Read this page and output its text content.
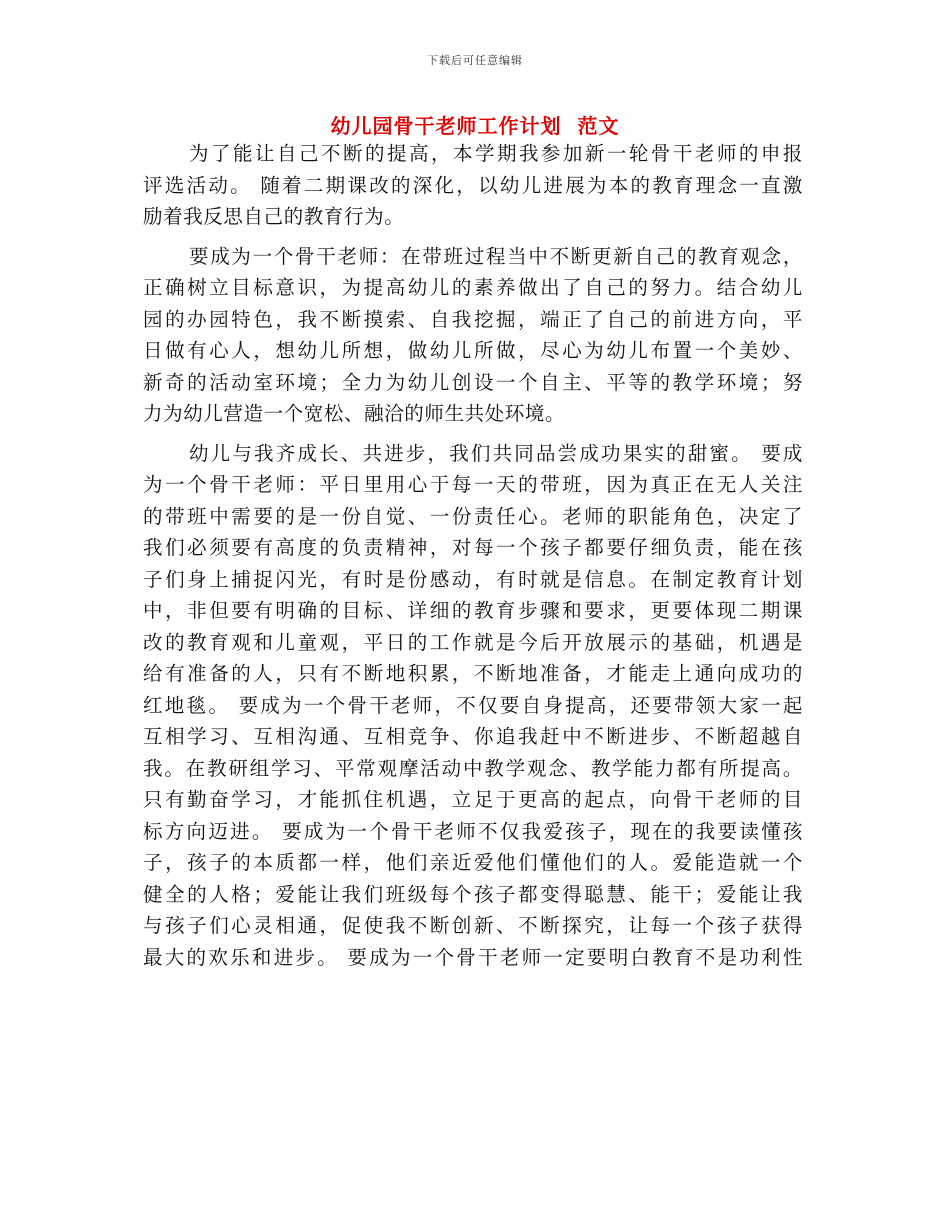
下载后可任意编辑
幼儿园骨干老师工作计划  范文
为了能让自己不断的提高，本学期我参加新一轮骨干老师的申报
评选活动。 随着二期课改的深化，以幼儿进展为本的教育理念一直激
励着我反思自己的教育行为。
要成为一个骨干老师：在带班过程当中不断更新自己的教育观念，
正确树立目标意识，为提高幼儿的素养做出了自己的努力。结合幼儿
园的办园特色，我不断摸索、自我挖掘，端正了自己的前进方向，平
日做有心人，想幼儿所想，做幼儿所做，尽心为幼儿布置一个美妙、
新奇的活动室环境；全力为幼儿创设一个自主、平等的教学环境；努
力为幼儿营造一个宽松、融洽的师生共处环境。
幼儿与我齐成长、共进步，我们共同品尝成功果实的甜蜜。 要成
为一个骨干老师：平日里用心于每一天的带班，因为真正在无人关注
的带班中需要的是一份自觉、一份责任心。老师的职能角色，决定了
我们必须要有高度的负责精神，对每一个孩子都要仔细负责，能在孩
子们身上捕捉闪光，有时是份感动，有时就是信息。在制定教育计划
中，非但要有明确的目标、详细的教育步骤和要求，更要体现二期课
改的教育观和儿童观，平日的工作就是今后开放展示的基础，机遇是
给有准备的人，只有不断地积累，不断地准备，才能走上通向成功的
红地毯。 要成为一个骨干老师，不仅要自身提高，还要带领大家一起
互相学习、互相沟通、互相竞争、你追我赶中不断进步、不断超越自
我。在教研组学习、平常观摩活动中教学观念、教学能力都有所提高。
只有勤奋学习，才能抓住机遇，立足于更高的起点，向骨干老师的目
标方向迈进。 要成为一个骨干老师不仅我爱孩子，现在的我要读懂孩
子，孩子的本质都一样，他们亲近爱他们懂他们的人。爱能造就一个
健全的人格；爱能让我们班级每个孩子都变得聪慧、能干；爱能让我
与孩子们心灵相通，促使我不断创新、不断探究，让每一个孩子获得
最大的欢乐和进步。 要成为一个骨干老师一定要明白教育不是功利性
